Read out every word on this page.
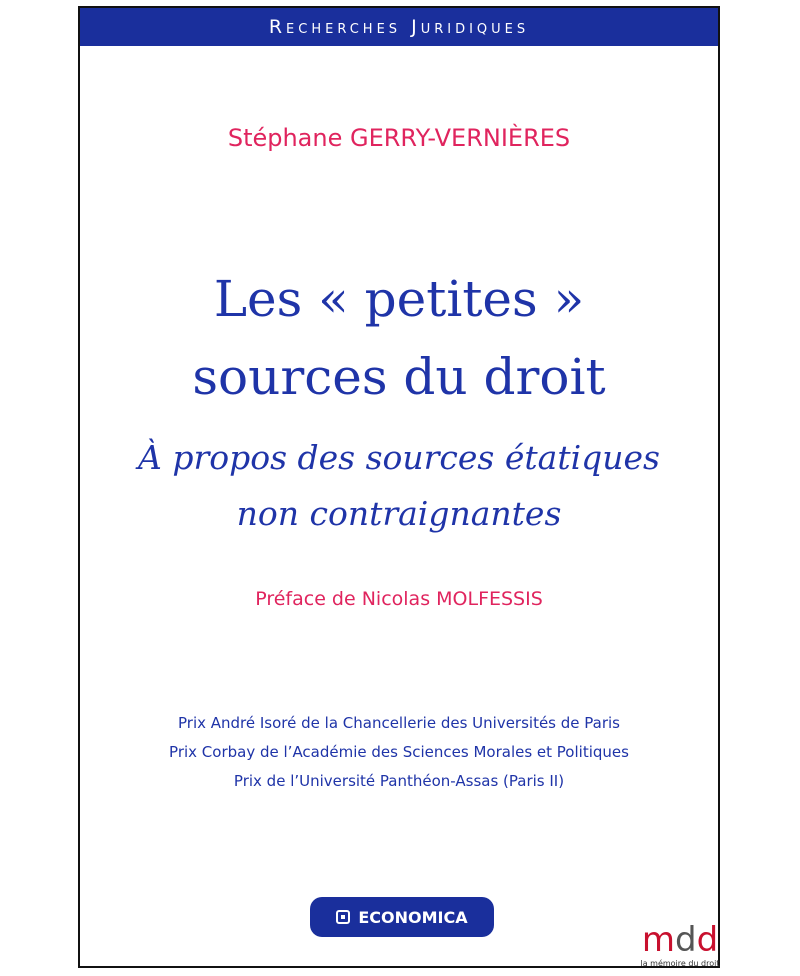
Recherches Juridiques
Stéphane GERRY-VERNIÈRES
Les « petites »
sources du droit
À propos des sources étatiques
non contraignantes
Préface de Nicolas MOLFESSIS
Prix André Isoré de la Chancellerie des Universités de Paris
Prix Corbay de l’Académie des Sciences Morales et Politiques
Prix de l’Université Panthéon-Assas (Paris II)
ECONOMICA
mdd
la mémoire du droit
